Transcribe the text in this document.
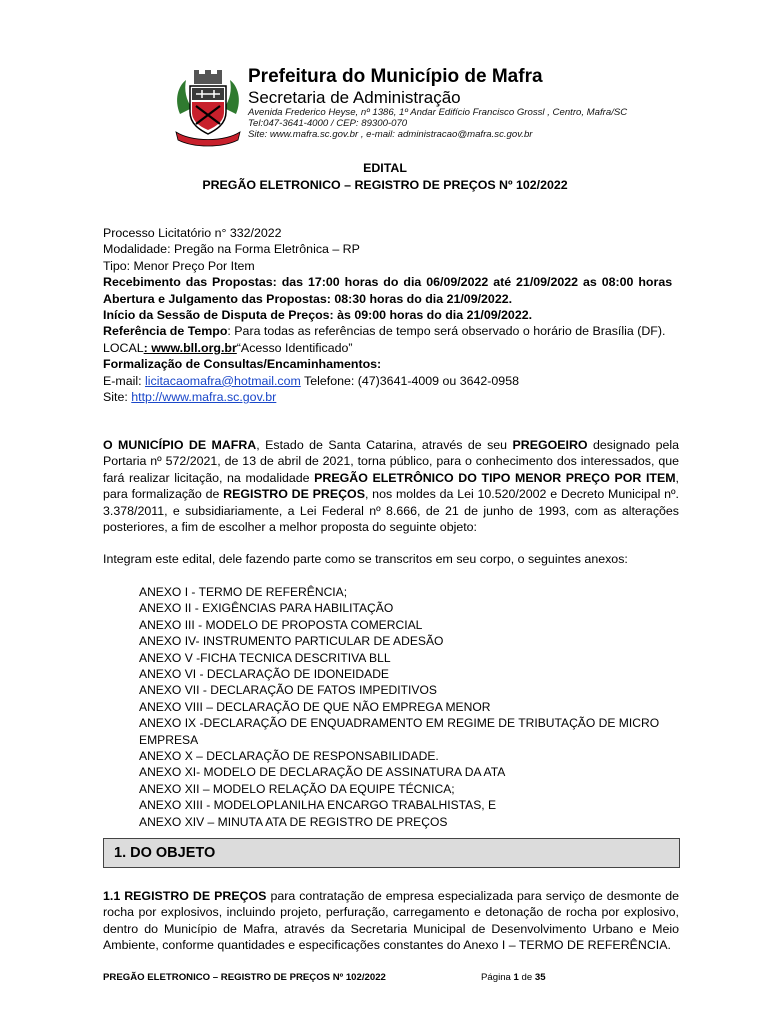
Prefeitura do Município de Mafra
Secretaria de Administração
Avenida Frederico Heyse, nº 1386, 1º Andar Edifício Francisco Grossl , Centro, Mafra/SC
Tel:047-3641-4000 / CEP: 89300-070
Site: www.mafra.sc.gov.br , e-mail: administracao@mafra.sc.gov.br
EDITAL
PREGÃO ELETRONICO – REGISTRO DE PREÇOS Nº 102/2022

Processo Licitatório n° 332/2022

Modalidade: Pregão na Forma Eletrônica – RP

Tipo: Menor Preço Por Item

Recebimento das Propostas: das 17:00 horas do dia 06/09/2022 até 21/09/2022 as 08:00 horas

Abertura e Julgamento das Propostas: 08:30 horas do dia 21/09/2022.

Início da Sessão de Disputa de Preços: às 09:00 horas do dia 21/09/2022.

Referência de Tempo: Para todas as referências de tempo será observado o horário de Brasília (DF).

LOCAL: www.bll.org.br“Acesso Identificado”

Formalização de Consultas/Encaminhamentos:

E-mail: licitacaomafra@hotmail.com Telefone: (47)3641-4009 ou 3642-0958

Site: http://www.mafra.sc.gov.br

O MUNICÍPIO DE MAFRA, Estado de Santa Catarina, através de seu PREGOEIRO designado pela Portaria nº 572/2021, de 13 de abril de 2021, torna público, para o conhecimento dos interessados, que fará realizar licitação, na modalidade PREGÃO ELETRÔNICO DO TIPO MENOR PREÇO POR ITEM, para formalização de REGISTRO DE PREÇOS, nos moldes da Lei 10.520/2002 e Decreto Municipal nº. 3.378/2011, e subsidiariamente, a Lei Federal nº 8.666, de 21 de junho de 1993, com as alterações posteriores, a fim de escolher a melhor proposta do seguinte objeto:

Integram este edital, dele fazendo parte como se transcritos em seu corpo, o seguintes anexos:
ANEXO I - TERMO DE REFERÊNCIA;
ANEXO II - EXIGÊNCIAS PARA HABILITAÇÃO
ANEXO III - MODELO DE PROPOSTA COMERCIAL
ANEXO IV- INSTRUMENTO PARTICULAR DE ADESÃO
ANEXO V -FICHA TECNICA DESCRITIVA BLL
ANEXO VI - DECLARAÇÃO DE IDONEIDADE
ANEXO VII - DECLARAÇÃO DE FATOS IMPEDITIVOS
ANEXO VIII – DECLARAÇÃO DE QUE NÃO EMPREGA MENOR
ANEXO IX -DECLARAÇÃO DE ENQUADRAMENTO EM REGIME DE TRIBUTAÇÃO DE MICRO
EMPRESA
ANEXO X – DECLARAÇÃO DE RESPONSABILIDADE.
ANEXO XI- MODELO DE DECLARAÇÃO DE ASSINATURA DA ATA
ANEXO XII – MODELO RELAÇÃO DA EQUIPE TÉCNICA;
ANEXO XIII - MODELOPLANILHA ENCARGO TRABALHISTAS, E
ANEXO XIV – MINUTA ATA DE REGISTRO DE PREÇOS
1. DO OBJETO

1.1 REGISTRO DE PREÇOS para contratação de empresa especializada para serviço de desmonte de rocha por explosivos, incluindo projeto, perfuração, carregamento e detonação de rocha por explosivo, dentro do Município de Mafra, através da Secretaria Municipal de Desenvolvimento Urbano e Meio Ambiente, conforme quantidades e especificações constantes do Anexo I – TERMO DE REFERÊNCIA.

PREGÃO ELETRONICO – REGISTRO DE PREÇOS Nº 102/2022	Página 1 de 35
